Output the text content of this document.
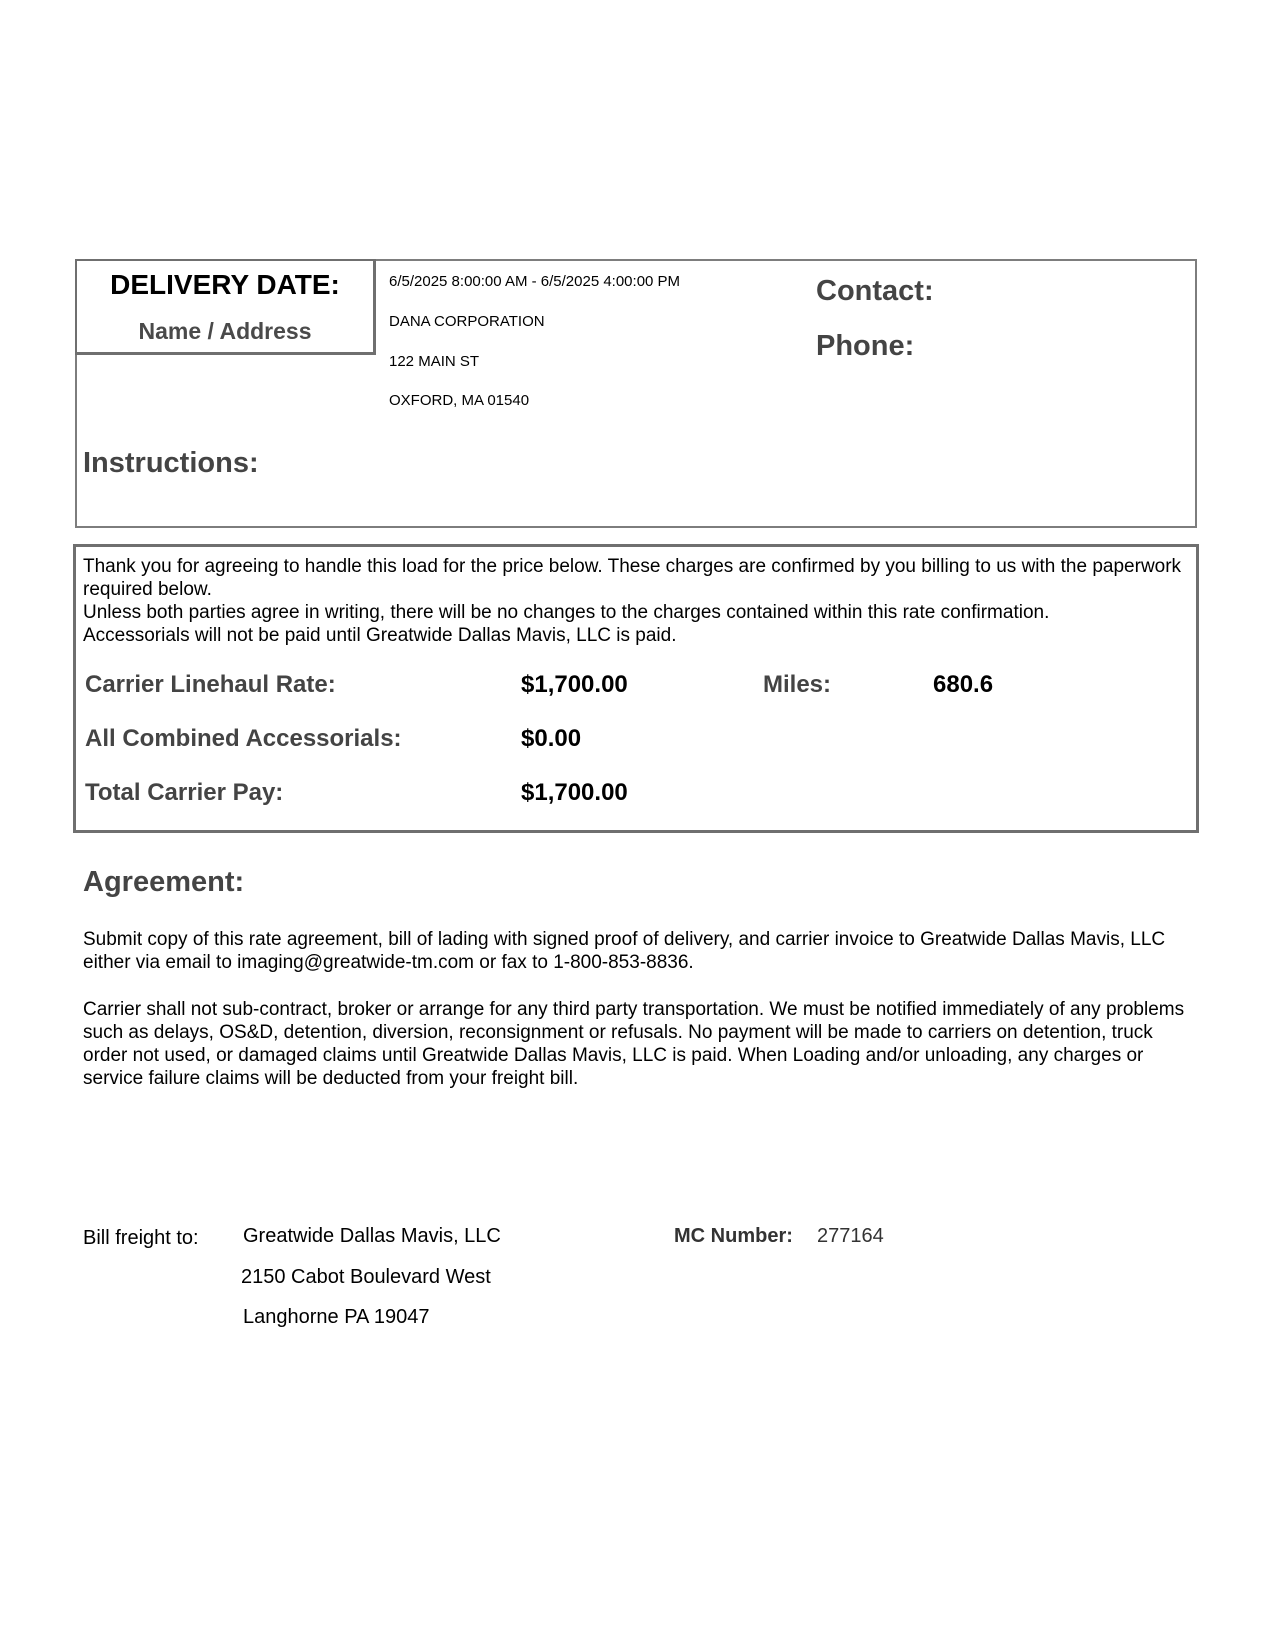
DELIVERY DATE:
Name / Address
6/5/2025 8:00:00 AM - 6/5/2025 4:00:00 PM
DANA CORPORATION
122 MAIN ST
OXFORD, MA 01540
Contact:
Phone:
Instructions:
Thank you for agreeing to handle this load for the price below. These charges are confirmed by you billing to us with the paperwork required below.
Unless both parties agree in writing, there will be no changes to the charges contained within this rate confirmation.
Accessorials will not be paid until Greatwide Dallas Mavis, LLC is paid.
Carrier Linehaul Rate:	$1,700.00	Miles:	680.6
All Combined Accessorials:	$0.00
Total Carrier Pay:	$1,700.00
Agreement:
Submit copy of this rate agreement, bill of lading with signed proof of delivery, and carrier invoice to Greatwide Dallas Mavis, LLC either via email to imaging@greatwide-tm.com or fax to 1-800-853-8836.
Carrier shall not sub-contract, broker or arrange for any third party transportation. We must be notified immediately of any problems such as delays, OS&D, detention, diversion, reconsignment or refusals. No payment will be made to carriers on detention, truck order not used, or damaged claims until Greatwide Dallas Mavis, LLC is paid. When Loading and/or unloading, any charges or service failure claims will be deducted from your freight bill.
Bill freight to: Greatwide Dallas Mavis, LLC
2150 Cabot Boulevard West
Langhorne PA 19047
MC Number: 277164
